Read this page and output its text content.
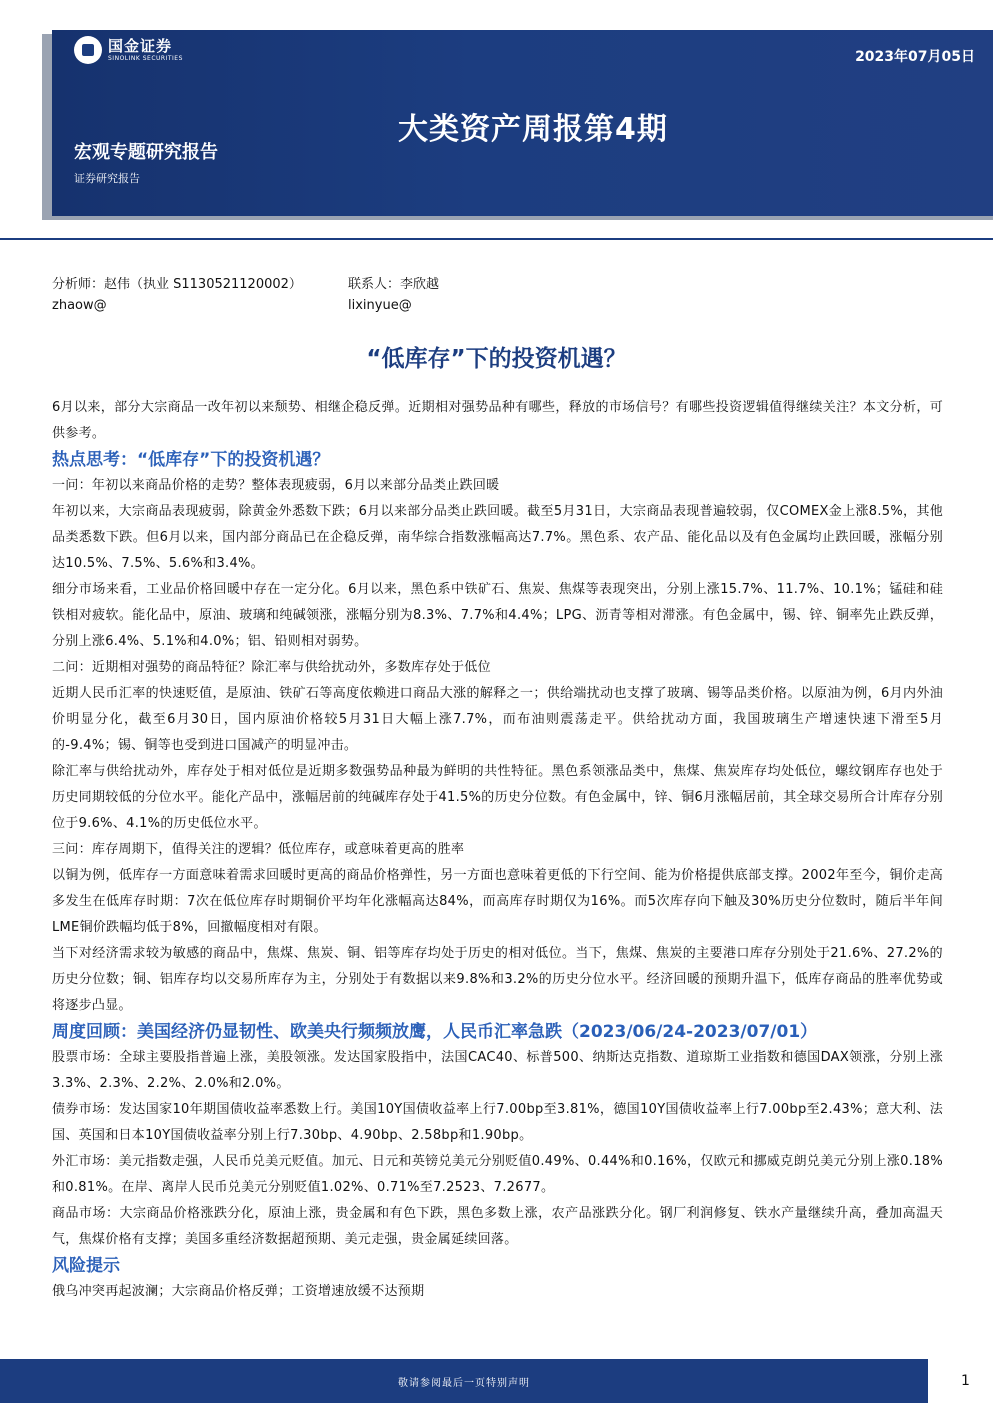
国金证券
SINOLINK SECURITIES	2023年07月05日
大类资产周报第4期
宏观专题研究报告
证券研究报告
分析师：赵伟（执业 S1130521120002）
zhaow@
联系人：李欣越
lixinyue@
“低库存”下的投资机遇？

6月以来，部分大宗商品一改年初以来颓势、相继企稳反弹。近期相对强势品种有哪些，释放的市场信号？有哪些投资逻辑值得继续关注？本文分析，可供参考。

热点思考：“低库存”下的投资机遇？

一问：年初以来商品价格的走势？整体表现疲弱，6月以来部分品类止跌回暖

年初以来，大宗商品表现疲弱，除黄金外悉数下跌；6月以来部分品类止跌回暖。截至5月31日，大宗商品表现普遍较弱，仅COMEX金上涨8.5%，其他品类悉数下跌。但6月以来，国内部分商品已在企稳反弹，南华综合指数涨幅高达7.7%。黑色系、农产品、能化品以及有色金属均止跌回暖，涨幅分别达10.5%、7.5%、5.6%和3.4%。

细分市场来看，工业品价格回暖中存在一定分化。6月以来，黑色系中铁矿石、焦炭、焦煤等表现突出，分别上涨15.7%、11.7%、10.1%；锰硅和硅铁相对疲软。能化品中，原油、玻璃和纯碱领涨，涨幅分别为8.3%、7.7%和4.4%；LPG、沥青等相对滞涨。有色金属中，锡、锌、铜率先止跌反弹，分别上涨6.4%、5.1%和4.0%；铝、铅则相对弱势。

二问：近期相对强势的商品特征？除汇率与供给扰动外，多数库存处于低位

近期人民币汇率的快速贬值，是原油、铁矿石等高度依赖进口商品大涨的解释之一；供给端扰动也支撑了玻璃、锡等品类价格。以原油为例，6月内外油价明显分化，截至6月30日，国内原油价格较5月31日大幅上涨7.7%，而布油则震荡走平。供给扰动方面，我国玻璃生产增速快速下滑至5月的-9.4%；锡、铜等也受到进口国减产的明显冲击。

除汇率与供给扰动外，库存处于相对低位是近期多数强势品种最为鲜明的共性特征。黑色系领涨品类中，焦煤、焦炭库存均处低位，螺纹钢库存也处于历史同期较低的分位水平。能化产品中，涨幅居前的纯碱库存处于41.5%的历史分位数。有色金属中，锌、铜6月涨幅居前，其全球交易所合计库存分别位于9.6%、4.1%的历史低位水平。

三问：库存周期下，值得关注的逻辑？低位库存，或意味着更高的胜率

以铜为例，低库存一方面意味着需求回暖时更高的商品价格弹性，另一方面也意味着更低的下行空间、能为价格提供底部支撑。2002年至今，铜价走高多发生在低库存时期：7次在低位库存时期铜价平均年化涨幅高达84%，而高库存时期仅为16%。而5次库存向下触及30%历史分位数时，随后半年间LME铜价跌幅均低于8%，回撤幅度相对有限。

当下对经济需求较为敏感的商品中，焦煤、焦炭、铜、铝等库存均处于历史的相对低位。当下，焦煤、焦炭的主要港口库存分别处于21.6%、27.2%的历史分位数；铜、铝库存均以交易所库存为主，分别处于有数据以来9.8%和3.2%的历史分位水平。经济回暖的预期升温下，低库存商品的胜率优势或将逐步凸显。

周度回顾：美国经济仍显韧性、欧美央行频频放鹰，人民币汇率急跌（2023/06/24-2023/07/01）

股票市场：全球主要股指普遍上涨，美股领涨。发达国家股指中，法国CAC40、标普500、纳斯达克指数、道琼斯工业指数和德国DAX领涨，分别上涨3.3%、2.3%、2.2%、2.0%和2.0%。

债券市场：发达国家10年期国债收益率悉数上行。美国10Y国债收益率上行7.00bp至3.81%，德国10Y国债收益率上行7.00bp至2.43%；意大利、法国、英国和日本10Y国债收益率分别上行7.30bp、4.90bp、2.58bp和1.90bp。

外汇市场：美元指数走强，人民币兑美元贬值。加元、日元和英镑兑美元分别贬值0.49%、0.44%和0.16%，仅欧元和挪威克朗兑美元分别上涨0.18%和0.81%。在岸、离岸人民币兑美元分别贬值1.02%、0.71%至7.2523、7.2677。

商品市场：大宗商品价格涨跌分化，原油上涨，贵金属和有色下跌，黑色多数上涨，农产品涨跌分化。钢厂利润修复、铁水产量继续升高，叠加高温天气，焦煤价格有支撑；美国多重经济数据超预期、美元走强，贵金属延续回落。

风险提示

俄乌冲突再起波澜；大宗商品价格反弹；工资增速放缓不达预期

敬请参阅最后一页特别声明	1
